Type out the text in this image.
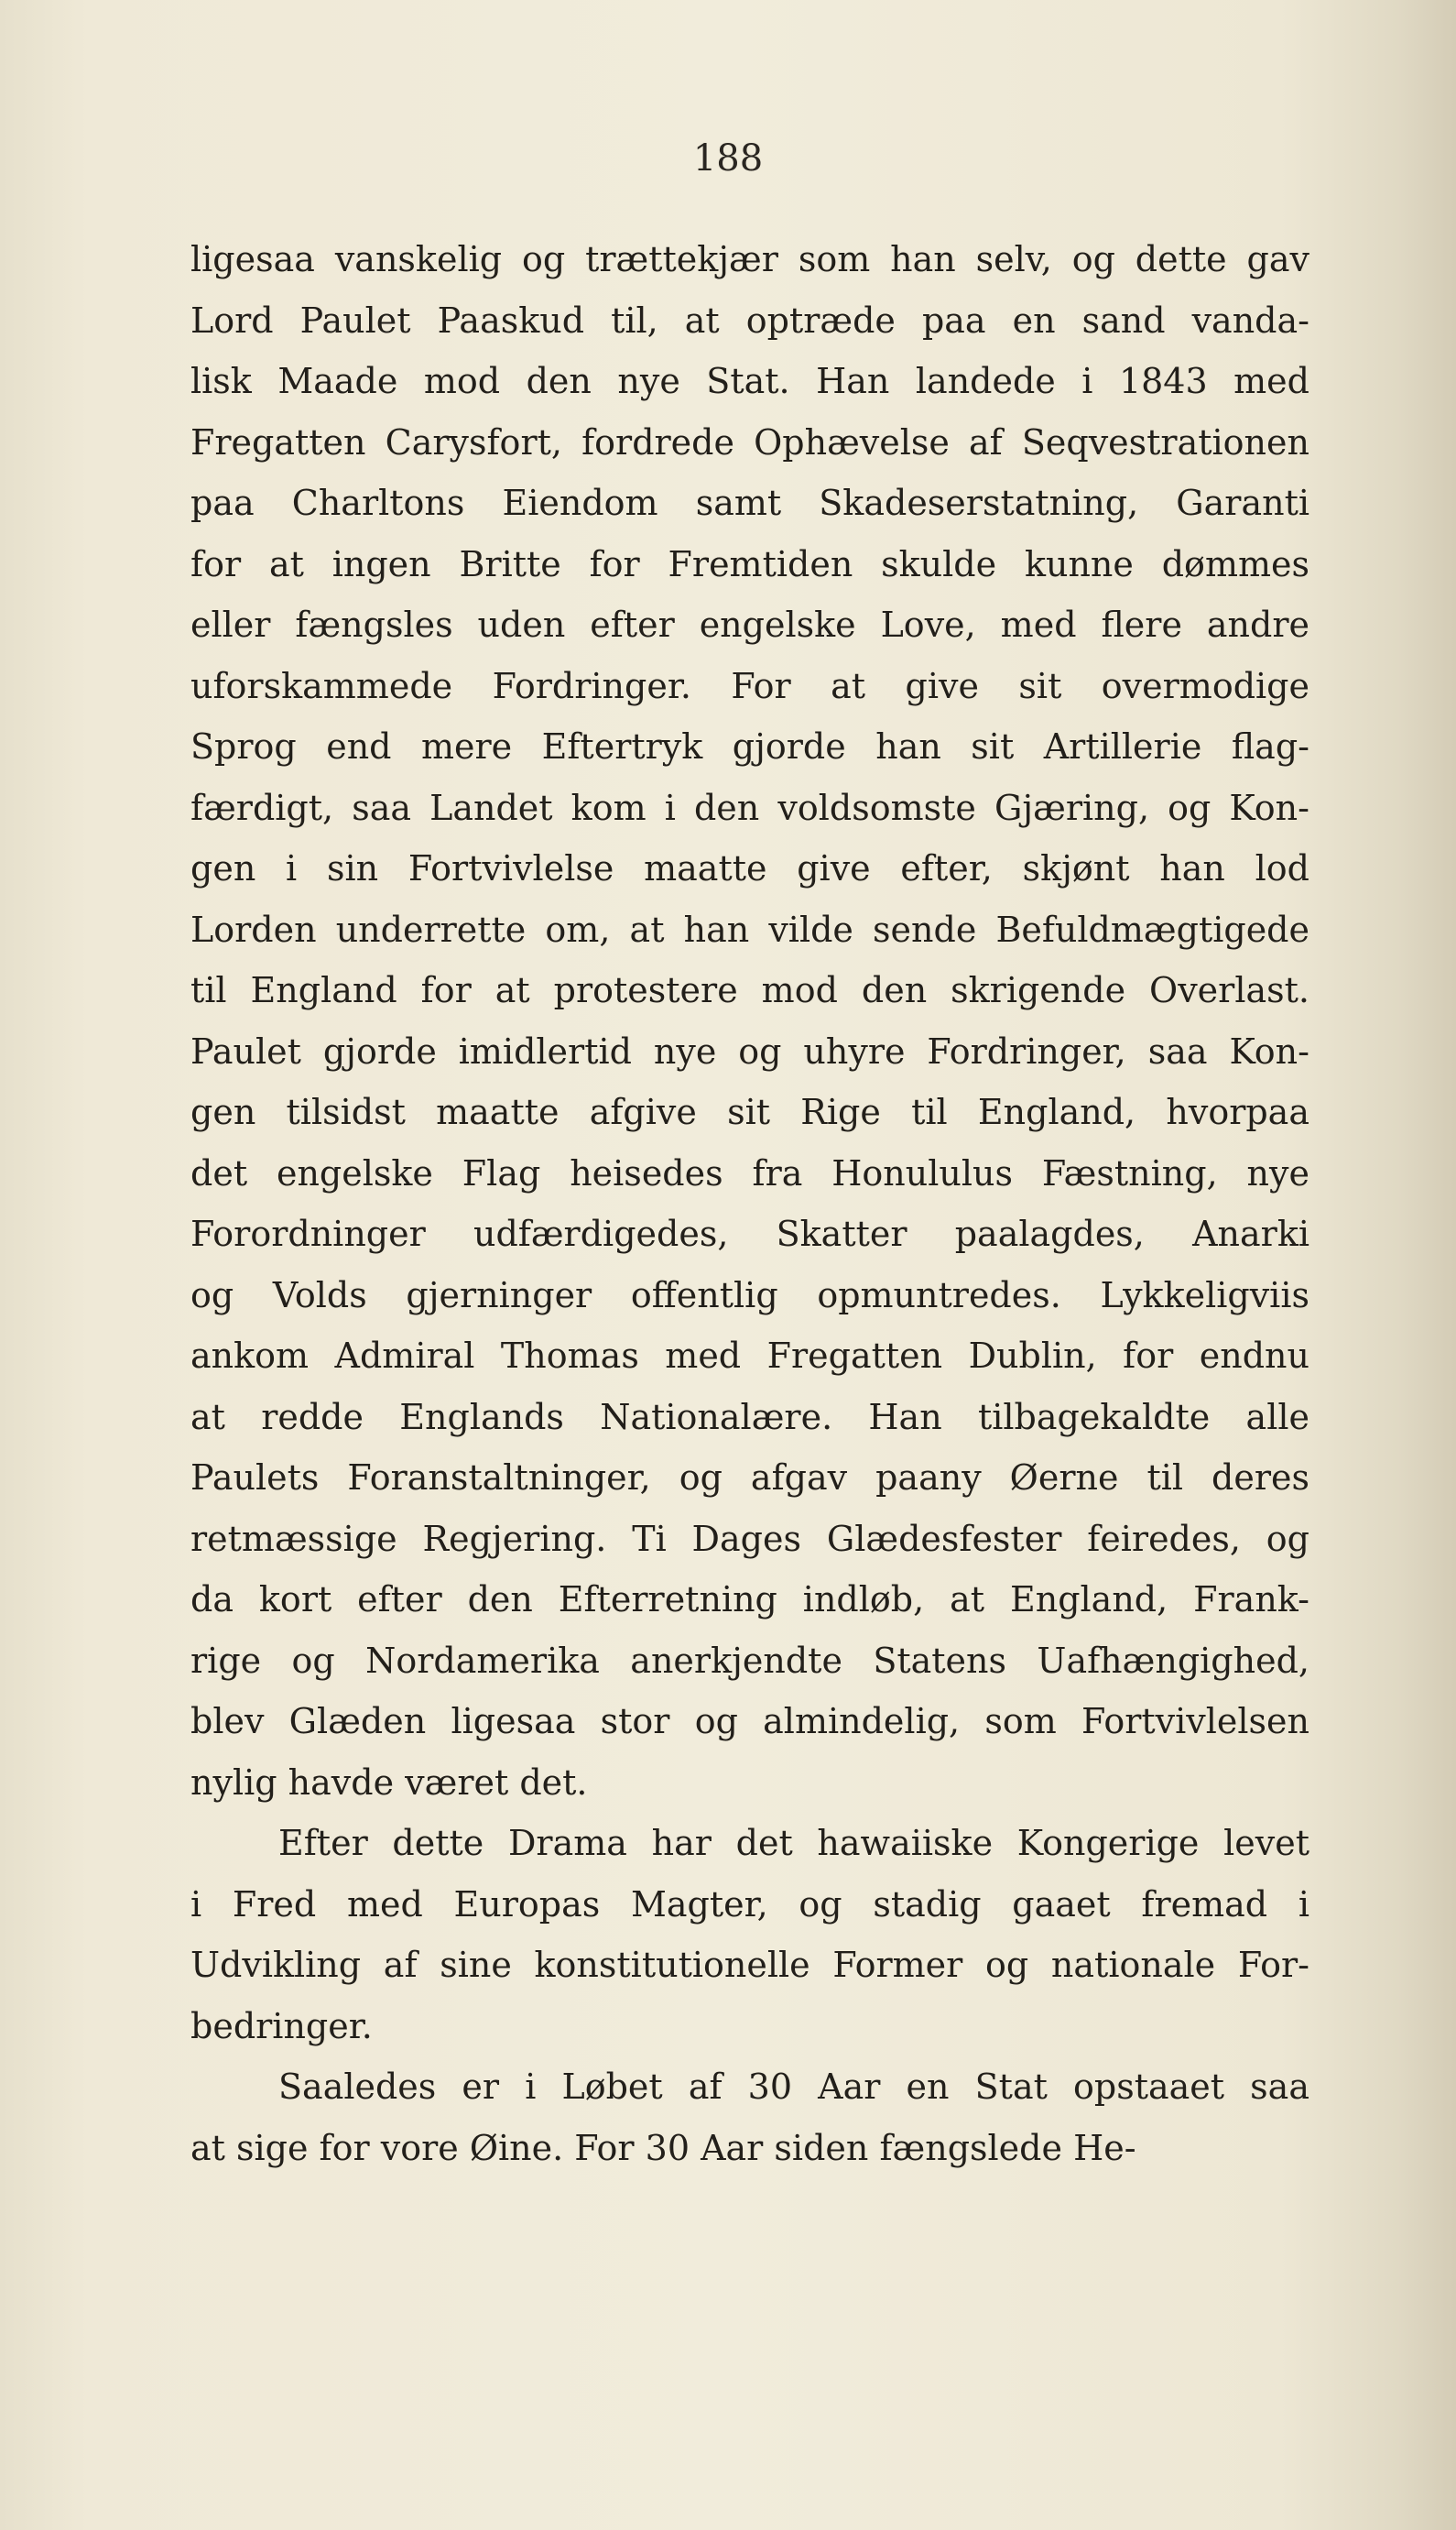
188
ligesaa vanskelig og trættekjær som han selv, og dette gav
Lord Paulet Paaskud til, at optræde paa en sand vanda-
lisk Maade mod den nye Stat. Han landede i 1843 med
Fregatten Carysfort, fordrede Ophævelse af Seqvestrationen
paa Charltons Eiendom samt Skadeserstatning, Garanti
for at ingen Britte for Fremtiden skulde kunne dømmes
eller fængsles uden efter engelske Love, med flere andre
uforskammede Fordringer. For at give sit overmodige
Sprog end mere Eftertryk gjorde han sit Artillerie flag-
færdigt, saa Landet kom i den voldsomste Gjæring, og Kon-
gen i sin Fortvivlelse maatte give efter, skjønt han lod
Lorden underrette om, at han vilde sende Befuldmægtigede
til England for at protestere mod den skrigende Overlast.
Paulet gjorde imidlertid nye og uhyre Fordringer, saa Kon-
gen tilsidst maatte afgive sit Rige til England, hvorpaa
det engelske Flag heisedes fra Honululus Fæstning, nye
Forordninger udfærdigedes, Skatter paalagdes, Anarki
og Volds gjerninger offentlig opmuntredes. Lykkeligviis
ankom Admiral Thomas med Fregatten Dublin, for endnu
at redde Englands Nationalære. Han tilbagekaldte alle
Paulets Foranstaltninger, og afgav paany Øerne til deres
retmæssige Regjering. Ti Dages Glædesfester feiredes, og
da kort efter den Efterretning indløb, at England, Frank-
rige og Nordamerika anerkjendte Statens Uafhængighed,
blev Glæden ligesaa stor og almindelig, som Fortvivlelsen
nylig havde været det.
Efter dette Drama har det hawaiiske Kongerige levet
i Fred med Europas Magter, og stadig gaaet fremad i
Udvikling af sine konstitutionelle Former og nationale For-
bedringer.
Saaledes er i Løbet af 30 Aar en Stat opstaaet saa
at sige for vore Øine. For 30 Aar siden fængslede He-
